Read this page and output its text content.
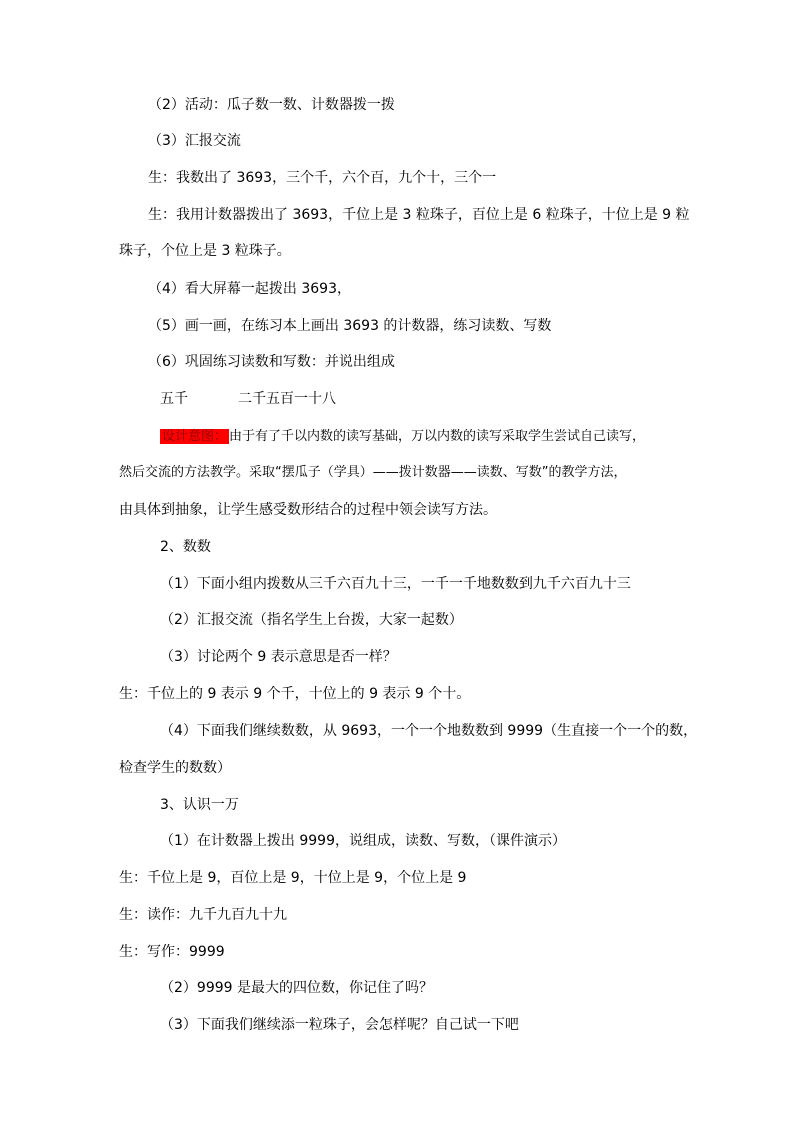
（2）活动：瓜子数一数、计数器拨一拨
（3）汇报交流
生：我数出了 3693，三个千，六个百，九个十，三个一
生：我用计数器拨出了 3693，千位上是 3 粒珠子，百位上是 6 粒珠子，十位上是 9 粒
珠子，个位上是 3 粒珠子。
（4）看大屏幕一起拨出 3693，
（5）画一画，在练习本上画出 3693 的计数器，练习读数、写数
（6）巩固练习读数和写数：并说出组成
五千	二千五百一十八
设计意图： 由于有了千以内数的读写基础，万以内数的读写采取学生尝试自己读写，
然后交流的方法教学。采取“摆瓜子（学具）——拨计数器——读数、写数”的教学方法，
由具体到抽象，让学生感受数形结合的过程中领会读写方法。
2、数数
（1）下面小组内拨数从三千六百九十三，一千一千地数数到九千六百九十三
（2）汇报交流（指名学生上台拨，大家一起数）
（3）讨论两个 9 表示意思是否一样？
生：千位上的 9 表示 9 个千，十位上的 9 表示 9 个十。
（4）下面我们继续数数，从 9693，一个一个地数数到 9999（生直接一个一个的数，
检查学生的数数）
3、认识一万
（1）在计数器上拨出 9999，说组成，读数、写数，（课件演示）
生：千位上是 9，百位上是 9，十位上是 9，个位上是 9
生：读作：九千九百九十九
生：写作：9999
（2）9999 是最大的四位数，你记住了吗？
（3）下面我们继续添一粒珠子，会怎样呢？自己试一下吧
